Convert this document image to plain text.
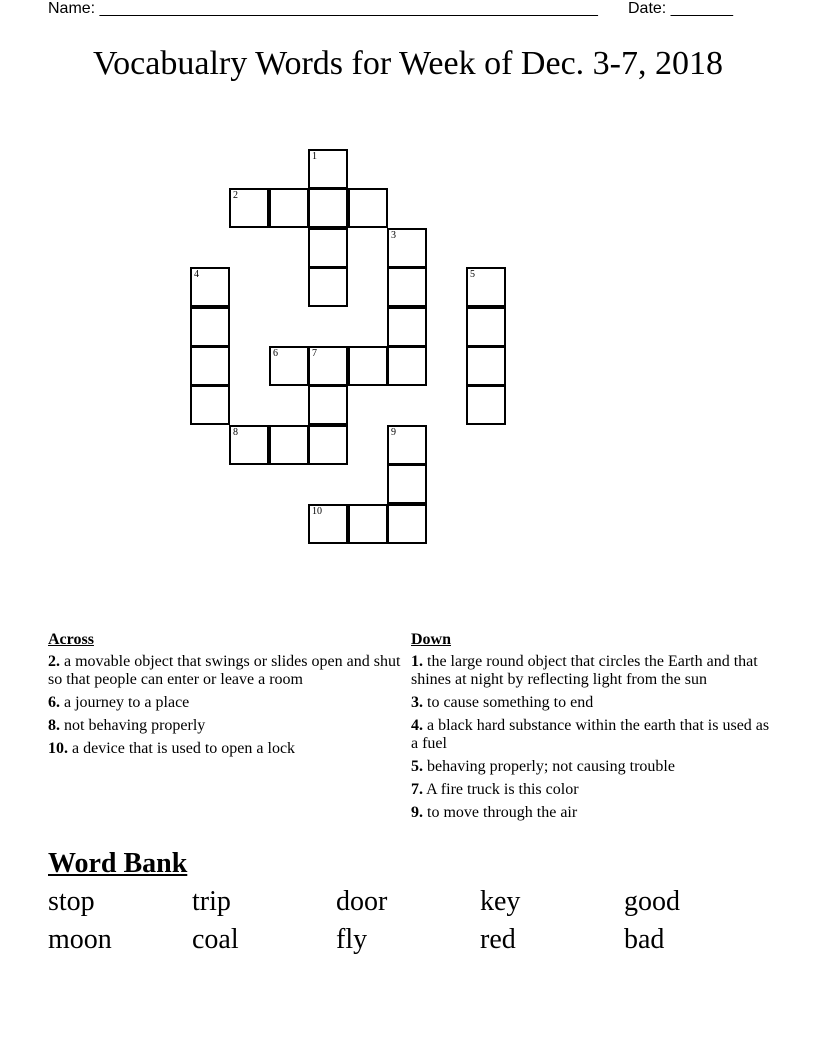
Name: ________________________________________________________ Date: _______
Vocabualry Words for Week of Dec. 3-7, 2018
1
2
3
4	5
6	7
8	9
10
Across
2. a movable object that swings or slides open and shut so that people can enter or leave a room
6. a journey to a place
8. not behaving properly
10. a device that is used to open a lock
Down
1. the large round object that circles the Earth and that shines at night by reflecting light from the sun
3. to cause something to end
4. a black hard substance within the earth that is used as a fuel
5. behaving properly; not causing trouble
7. A fire truck is this color
9. to move through the air
Word Bank
stop	trip	door	key	good
moon	coal	fly	red	bad
